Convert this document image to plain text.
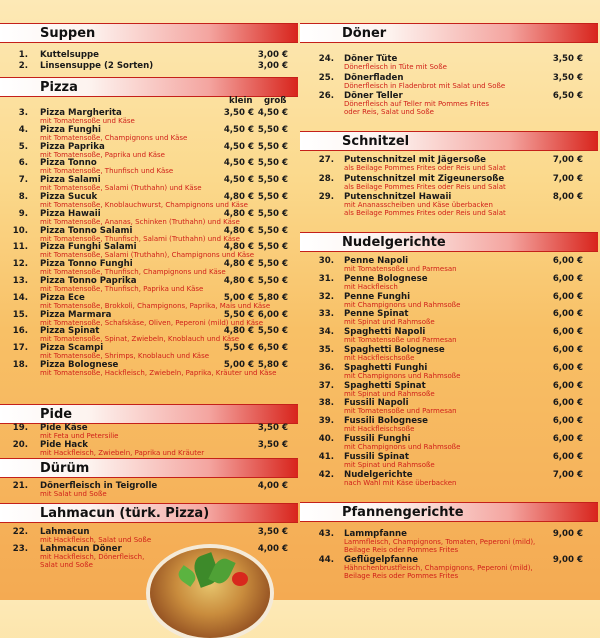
Suppen
1. Kuttelsuppe	3,00 €
2. Linsensuppe (2 Sorten)	3,00 €
Pizza
klein groß
3. Pizza Margherita
mit Tomatensoße und Käse
3,50 € 4,50 €
4. Pizza Funghi
mit Tomatensoße, Champignons und Käse
4,50 € 5,50 €
5. Pizza Paprika
mit Tomatensoße, Paprika und Käse
4,50 € 5,50 €
6. Pizza Tonno
mit Tomatensoße, Thunfisch und Käse
4,50 € 5,50 €
7. Pizza Salami
mit Tomatensoße, Salami (Truthahn) und Käse
4,50 € 5,50 €
8. Pizza Sucuk
mit Tomatensoße, Knoblauchwurst, Champignons und Käse
4,80 € 5,50 €
9. Pizza Hawaii
mit Tomatensoße, Ananas, Schinken (Truthahn) und Käse
4,80 € 5,50 €
10. Pizza Tonno Salami
mit Tomatensoße, Thunfisch, Salami (Truthahn) und Käse
4,80 € 5,50 €
11. Pizza Funghi Salami
mit Tomatensoße, Salami (Truthahn), Champignons und Käse
4,80 € 5,50 €
12. Pizza Tonno Funghi
mit Tomatensoße, Thunfisch, Champignons und Käse
4,80 € 5,50 €
13. Pizza Tonno Paprika
mit Tomatensoße, Thunfisch, Paprika und Käse
4,80 € 5,50 €
14. Pizza Ece
mit Tomatensoße, Brokkoli, Champignons, Paprika, Mais und Käse
5,00 € 5,80 €
15. Pizza Marmara
mit Tomatensoße, Schafskäse, Oliven, Peperoni (mild) und Käse
5,50 € 6,00 €
16. Pizza Spinat
mit Tomatensoße, Spinat, Zwiebeln, Knoblauch und Käse
4,80 € 5,50 €
17. Pizza Scampi
mit Tomatensoße, Shrimps, Knoblauch und Käse
5,50 € 6,50 €
18. Pizza Bolognese
mit Tomatensoße, Hackfleisch, Zwiebeln, Paprika, Kräuter und Käse
5,00 € 5,80 €
Pide
19. Pide Käse
mit Feta und Petersilie
3,50 €
20. Pide Hack
mit Hackfleisch, Zwiebeln, Paprika und Kräuter
3,50 €
Dürüm
21. Dönerfleisch in Teigrolle
mit Salat und Soße
4,00 €
Lahmacun (türk. Pizza)
22. Lahmacun
mit Hackfleisch, Salat und Soße
3,50 €
23. Lahmacun Döner
mit Hackfleisch, Dönerfleisch,
Salat und Soße
4,00 €
Döner
24. Döner Tüte
Dönerfleisch in Tüte mit Soße
3,50 €
25. Dönerfladen
Dönerfleisch in Fladenbrot mit Salat und Soße
3,50 €
26. Döner Teller
Dönerfleisch auf Teller mit Pommes Frites
oder Reis, Salat und Soße
6,50 €
Schnitzel
27. Putenschnitzel mit Jägersoße
als Beilage Pommes Frites oder Reis und Salat
7,00 €
28. Putenschnitzel mit Zigeunersoße
als Beilage Pommes Frites oder Reis und Salat
7,00 €
29. Putenschnitzel Hawaii
mit Ananasscheiben und Käse überbacken
als Beilage Pommes Frites oder Reis und Salat
8,00 €
Nudelgerichte
30. Penne Napoli
mit Tomatensoße und Parmesan
6,00 €
31. Penne Bolognese
mit Hackfleisch
6,00 €
32. Penne Funghi
mit Champignons und Rahmsoße
6,00 €
33. Penne Spinat
mit Spinat und Rahmsoße
6,00 €
34. Spaghetti Napoli
mit Tomatensoße und Parmesan
6,00 €
35. Spaghetti Bolognese
mit Hackfleischsoße
6,00 €
36. Spaghetti Funghi
mit Champignons und Rahmsoße
6,00 €
37. Spaghetti Spinat
mit Spinat und Rahmsoße
6,00 €
38. Fussili Napoli
mit Tomatensoße und Parmesan
6,00 €
39. Fussili Bolognese
mit Hackfleischsoße
6,00 €
40. Fussili Funghi
mit Champignons und Rahmsoße
6,00 €
41. Fussili Spinat
mit Spinat und Rahmsoße
6,00 €
42. Nudelgerichte
nach Wahl mit Käse überbacken
7,00 €
Pfannengerichte
43. Lammpfanne
Lammfleisch, Champignons, Tomaten, Peperoni (mild),
Beilage Reis oder Pommes Frites
9,00 €
44. Geflügelpfanne
Hähnchenbrustfleisch, Champignons, Peperoni (mild),
Beilage Reis oder Pommes Frites
9,00 €
